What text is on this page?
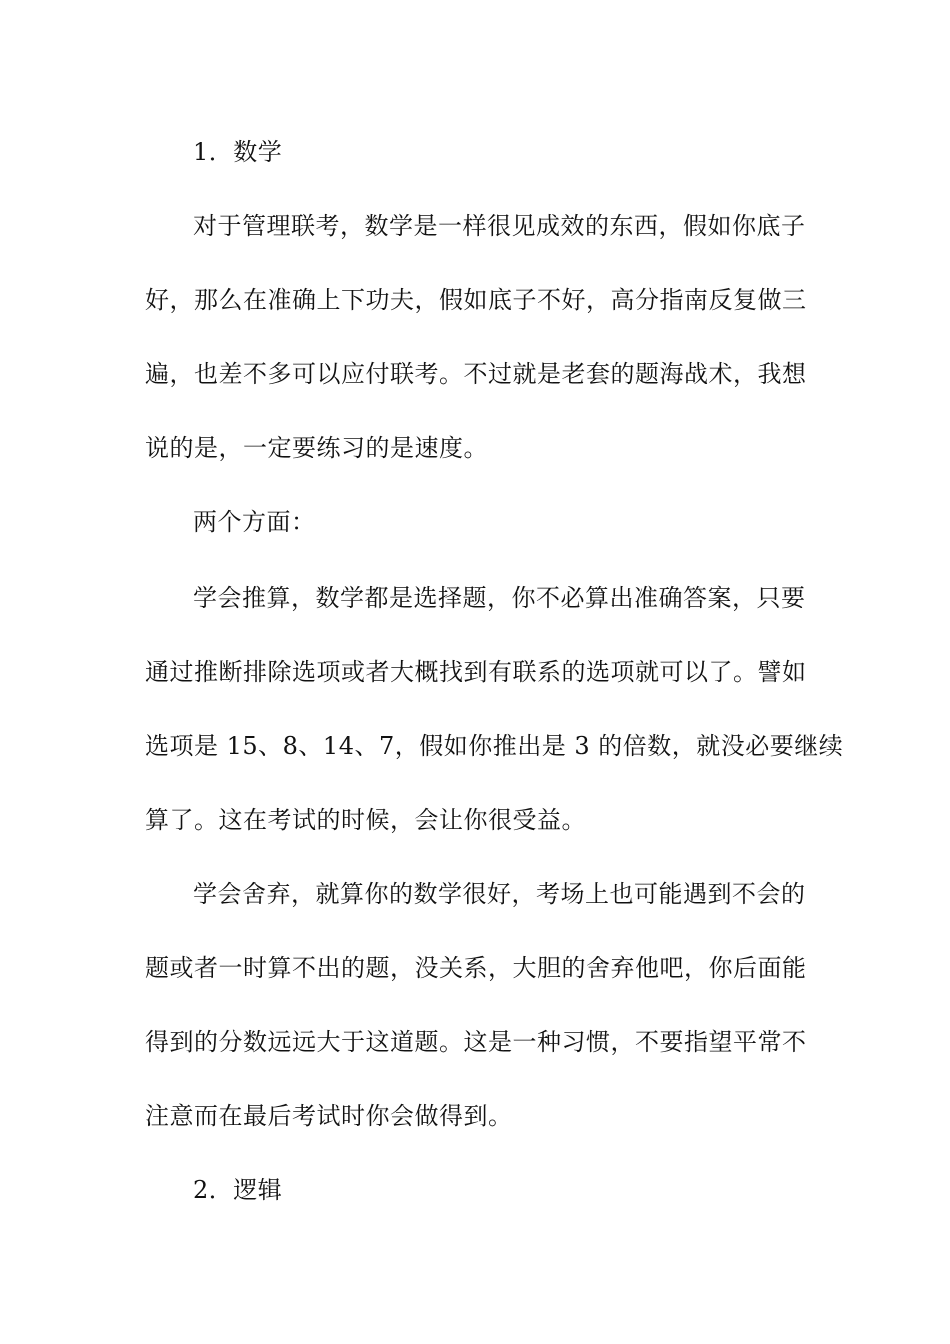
1．数学
对于管理联考，数学是一样很见成效的东西，假如你底子
好，那么在准确上下功夫，假如底子不好，高分指南反复做三
遍，也差不多可以应付联考。不过就是老套的题海战术，我想
说的是，一定要练习的是速度。
两个方面：
学会推算，数学都是选择题，你不必算出准确答案，只要
通过推断排除选项或者大概找到有联系的选项就可以了。譬如
选项是 15、8、14、7，假如你推出是 3 的倍数，就没必要继续
算了。这在考试的时候，会让你很受益。
学会舍弃，就算你的数学很好，考场上也可能遇到不会的
题或者一时算不出的题，没关系，大胆的舍弃他吧，你后面能
得到的分数远远大于这道题。这是一种习惯，不要指望平常不
注意而在最后考试时你会做得到。
2．逻辑
